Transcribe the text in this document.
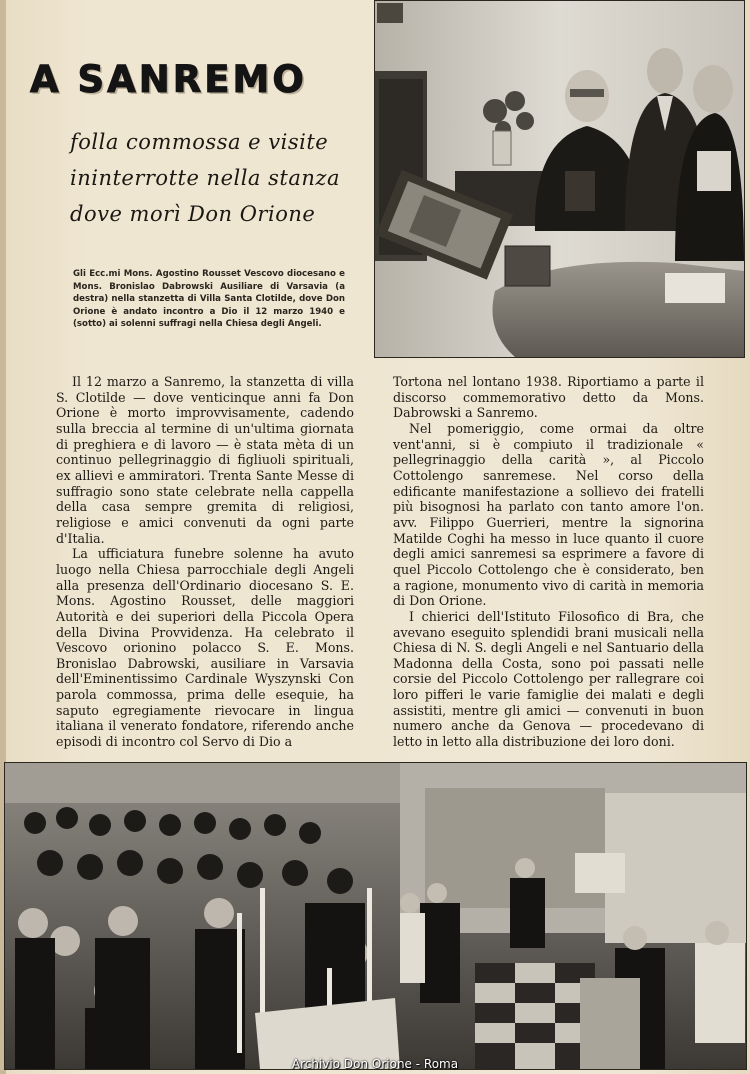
A SANREMO
folla commossa e visite
ininterrotte nella stanza
dove morì Don Orione
Gli Ecc.mi Mons. Agostino Rousset Vescovo diocesano e Mons. Bronislao Dabrowski Ausiliare di Varsavia (a destra) nella stanzetta di Villa Santa Clotilde, dove Don Orione è andato incontro a Dio il 12 marzo 1940 e (sotto) ai solenni suffragi nella Chiesa degli Angeli.

Il 12 marzo a Sanremo, la stanzetta di villa S. Clotilde — dove venticinque anni fa Don Orione è morto improvvisamente, cadendo sulla breccia al termine di un'ultima giornata di preghiera e di lavoro — è stata mèta di un continuo pellegrinaggio di figliuoli spirituali, ex allievi e ammiratori. Trenta Sante Messe di suffragio sono state celebrate nella cappella della casa sempre gremita di religiosi, religiose e amici convenuti da ogni parte d'Italia.

La ufficiatura funebre solenne ha avuto luogo nella Chiesa parrocchiale degli Angeli alla presenza dell'Ordinario diocesano S. E. Mons. Agostino Rousset, delle maggiori Autorità e dei superiori della Piccola Opera della Divina Provvidenza. Ha celebrato il Vescovo orionino polacco S. E. Mons. Bronislao Dabrowski, ausiliare in Varsavia dell'Eminentissimo Cardinale Wyszynski Con parola commossa, prima delle esequie, ha saputo egregiamente rievocare in lingua italiana il venerato fondatore, riferendo anche episodi di incontro col Servo di Dio a

Tortona nel lontano 1938. Riportiamo a parte il discorso commemorativo detto da Mons. Dabrowski a Sanremo.

Nel pomeriggio, come ormai da oltre vent'anni, si è compiuto il tradizionale « pellegrinaggio della carità », al Piccolo Cottolengo sanremese. Nel corso della edificante manifestazione a sollievo dei fratelli più bisognosi ha parlato con tanto amore l'on. avv. Filippo Guerrieri, mentre la signorina Matilde Coghi ha messo in luce quanto il cuore degli amici sanremesi sa esprimere a favore di quel Piccolo Cottolengo che è considerato, ben a ragione, monumento vivo di carità in memoria di Don Orione.

I chierici dell'Istituto Filosofico di Bra, che avevano eseguito splendidi brani musicali nella Chiesa di N. S. degli Angeli e nel Santuario della Madonna della Costa, sono poi passati nelle corsie del Piccolo Cottolengo per rallegrare coi loro pifferi le varie famiglie dei malati e degli assistiti, mentre gli amici — convenuti in buon numero anche da Genova — procedevano di letto in letto alla distribuzione dei loro doni.

Archivio Don Orione - Roma
